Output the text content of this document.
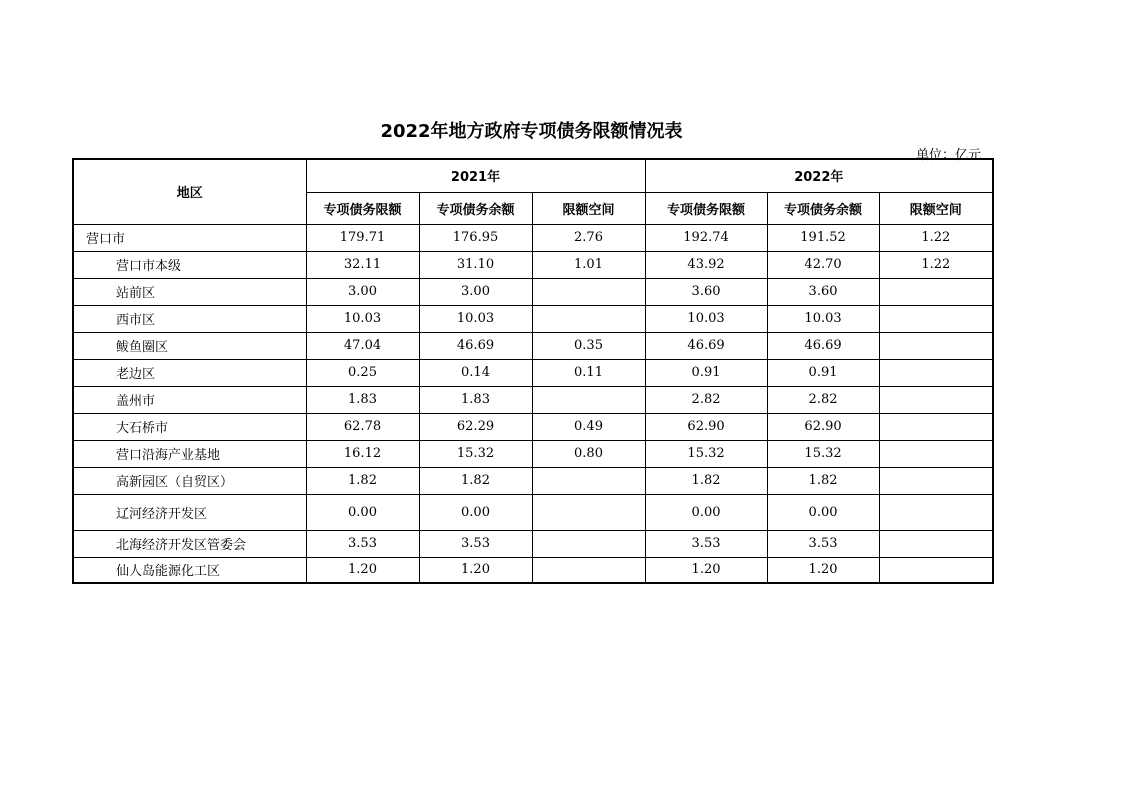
2022年地方政府专项债务限额情况表
单位：亿元
地区	2021年			2022年		
	专项债务限额	专项债务余额	限额空间	专项债务限额	专项债务余额	限额空间
营口市	179.71	176.95	2.76	192.74	191.52	1.22
营口市本级	32.11	31.10	1.01	43.92	42.70	1.22
站前区	3.00	3.00		3.60	3.60	
西市区	10.03	10.03		10.03	10.03	
鲅鱼圈区	47.04	46.69	0.35	46.69	46.69	
老边区	0.25	0.14	0.11	0.91	0.91	
盖州市	1.83	1.83		2.82	2.82	
大石桥市	62.78	62.29	0.49	62.90	62.90	
营口沿海产业基地	16.12	15.32	0.80	15.32	15.32	
高新园区（自贸区）	1.82	1.82		1.82	1.82	
辽河经济开发区	0.00	0.00		0.00	0.00	
北海经济开发区管委会	3.53	3.53		3.53	3.53	
仙人岛能源化工区	1.20	1.20		1.20	1.20	
